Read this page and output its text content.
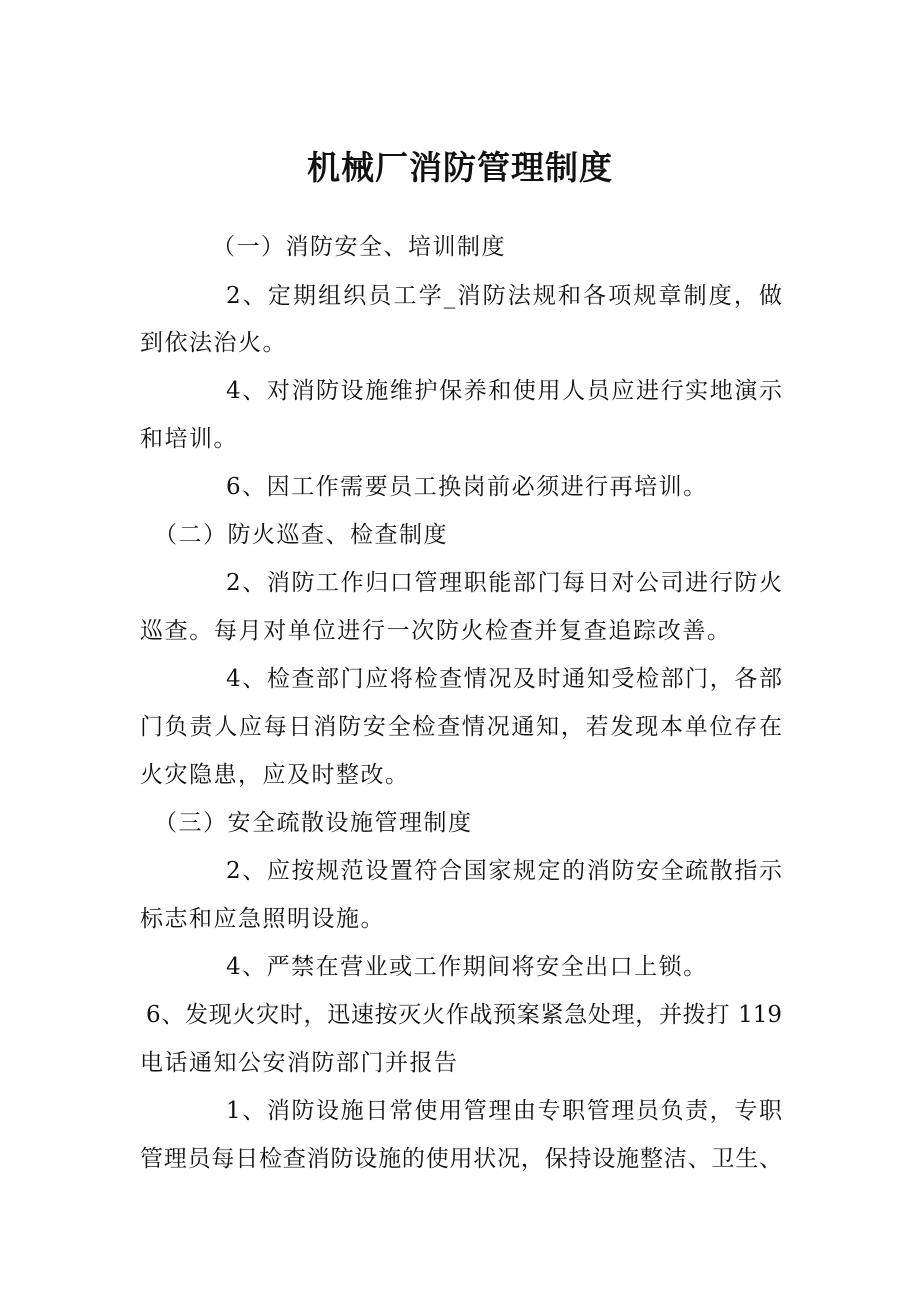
机械厂消防管理制度
（一）消防安全、培训制度
2、定期组织员工学_消防法规和各项规章制度，做
到依法治火。
4、对消防设施维护保养和使用人员应进行实地演示
和培训。
6、因工作需要员工换岗前必须进行再培训。
（二）防火巡查、检查制度
2、消防工作归口管理职能部门每日对公司进行防火
巡查。每月对单位进行一次防火检查并复查追踪改善。
4、检查部门应将检查情况及时通知受检部门，各部
门负责人应每日消防安全检查情况通知，若发现本单位存在
火灾隐患，应及时整改。
（三）安全疏散设施管理制度
2、应按规范设置符合国家规定的消防安全疏散指示
标志和应急照明设施。
4、严禁在营业或工作期间将安全出口上锁。
6、发现火灾时，迅速按灭火作战预案紧急处理，并拨打 119
电话通知公安消防部门并报告
1、消防设施日常使用管理由专职管理员负责，专职
管理员每日检查消防设施的使用状况，保持设施整洁、卫生、
